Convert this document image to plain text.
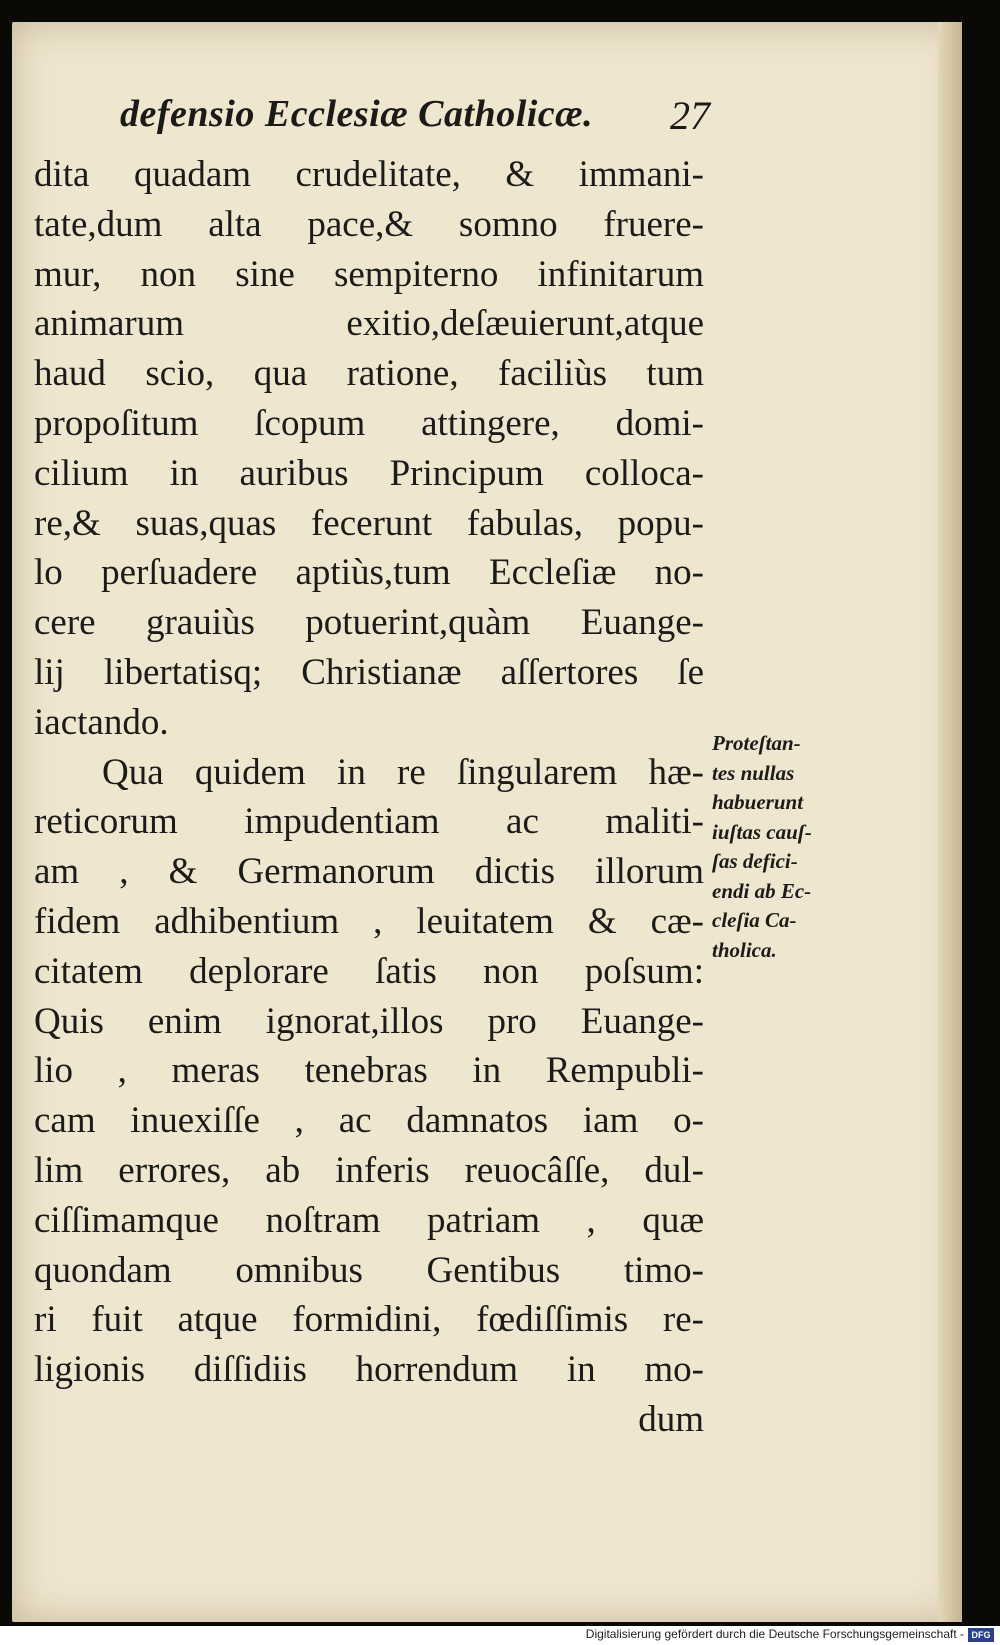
defensio Ecclesiæ Catholicæ. 27
dita quadam crudelitate, & immani-
tate,dum alta pace,& somno fruere-
mur, non sine sempiterno infinitarum
animarum exitio,deſæuierunt,atque
haud scio, qua ratione, faciliùs tum
propoſitum ſcopum attingere, domi-
cilium in auribus Principum colloca-
re,& suas,quas fecerunt fabulas, popu-
lo perſuadere aptiùs,tum Eccleſiæ no-
cere grauiùs potuerint,quàm Euange-
lij libertatisq; Christianæ aſſertores ſe
iactando.
Qua quidem in re ſingularem hæ-
reticorum impudentiam ac maliti-
am , & Germanorum dictis illorum
fidem adhibentium , leuitatem & cæ-
citatem deplorare ſatis non poſsum:
Quis enim ignorat,illos pro Euange-
lio , meras tenebras in Rempubli-
cam inuexiſſe , ac damnatos iam o-
lim errores, ab inferis reuocâſſe, dul-
ciſſimamque noſtram patriam , quæ
quondam omnibus Gentibus timo-
ri fuit atque formidini, fœdiſſimis re-
ligionis diſſidiis horrendum in mo-
dum
Proteſtan-
tes nullas
habuerunt
iuſtas cauſ-
ſas defici-
endi ab Ec-
cleſia Ca-
tholica.
Digitalisierung gefördert durch die Deutsche Forschungsgemeinschaft - DFG
